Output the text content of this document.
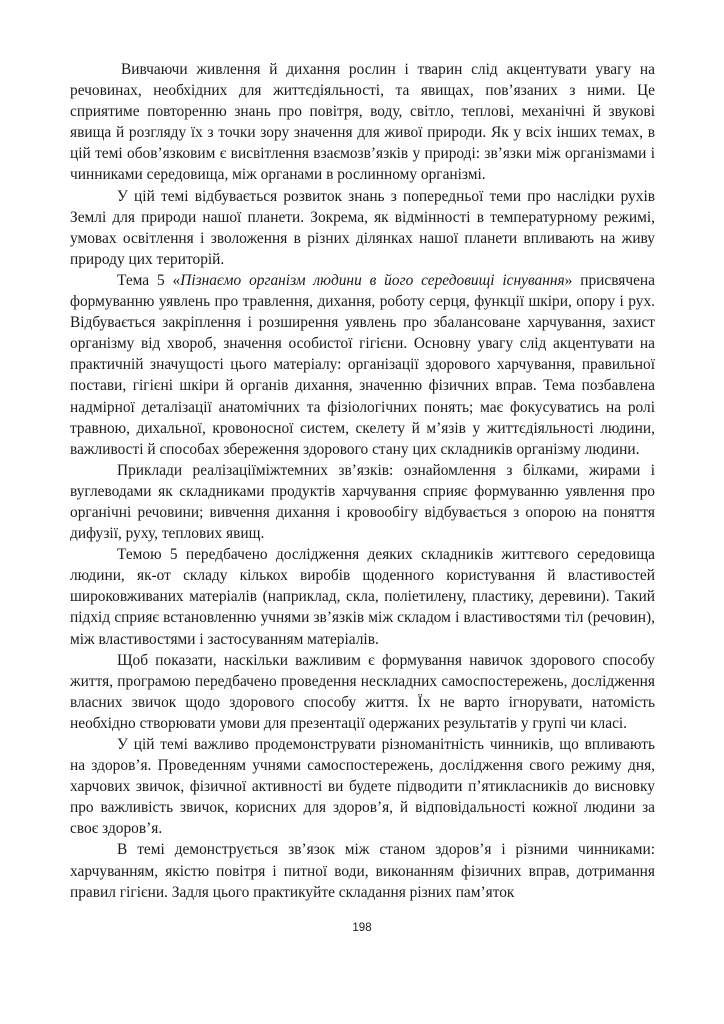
Вивчаючи живлення й дихання рослин і тварин слід акцентувати увагу на речовинах, необхідних для життєдіяльності, та явищах, пов’язаних з ними. Це сприятиме повторенню знань про повітря, воду, світло, теплові, механічні й звукові явища й розгляду їх з точки зору значення для живої природи. Як у всіх інших темах, в цій темі обов’язковим є висвітлення взаємозв’язків у природі: зв’язки між організмами і чинниками середовища, між органами в рослинному організмі.

У цій темі відбувається розвиток знань з попередньої теми про наслідки рухів Землі для природи нашої планети. Зокрема, як відмінності в температурному режимі, умовах освітлення і зволоження в різних ділянках нашої планети впливають на живу природу цих територій.

Тема 5 «Пізнаємо організм людини в його середовищі існування» присвячена формуванню уявлень про травлення, дихання, роботу серця, функції шкіри, опору і рух. Відбувається закріплення і розширення уявлень про збалансоване харчування, захист організму від хвороб, значення особистої гігієни. Основну увагу слід акцентувати на практичній значущості цього матеріалу: організації здорового харчування, правильної постави, гігієні шкіри й органів дихання, значенню фізичних вправ. Тема позбавлена надмірної деталізації анатомічних та фізіологічних понять; має фокусуватись на ролі травною, дихальної, кровоносної систем, скелету й м’язів у життєдіяльності людини, важливості й способах збереження здорового стану цих складників організму людини.

Приклади реалізаціїміжтемних зв’язків: ознайомлення з білками, жирами і вуглеводами як складниками продуктів харчування сприяє формуванню уявлення про органічні речовини; вивчення дихання і кровообігу відбувається з опорою на поняття дифузії, руху, теплових явищ.

Темою 5 передбачено дослідження деяких складників життєвого середовища людини, як-от складу кількох виробів щоденного користування й властивостей широковживаних матеріалів (наприклад, скла, поліетилену, пластику, деревини). Такий підхід сприяє встановленню учнями зв’язків між складом і властивостями тіл (речовин), між властивостями і застосуванням матеріалів.

Щоб показати, наскільки важливим є формування навичок здорового способу життя, програмою передбачено проведення нескладних самоспостережень, дослідження власних звичок щодо здорового способу життя. Їх не варто ігнорувати, натомість необхідно створювати умови для презентації одержаних результатів у групі чи класі.

У цій темі важливо продемонструвати різноманітність чинників, що впливають на здоров’я. Проведенням учнями самоспостережень, дослідження свого режиму дня, харчових звичок, фізичної активності ви будете підводити п’ятикласників до висновку про важливість звичок, корисних для здоров’я, й відповідальності кожної людини за своє здоров’я.

В темі демонструється зв’язок між станом здоров’я і різними чинниками: харчуванням, якістю повітря і питної води, виконанням фізичних вправ, дотримання правил гігієни. Задля цього практикуйте складання різних пам’яток

198
